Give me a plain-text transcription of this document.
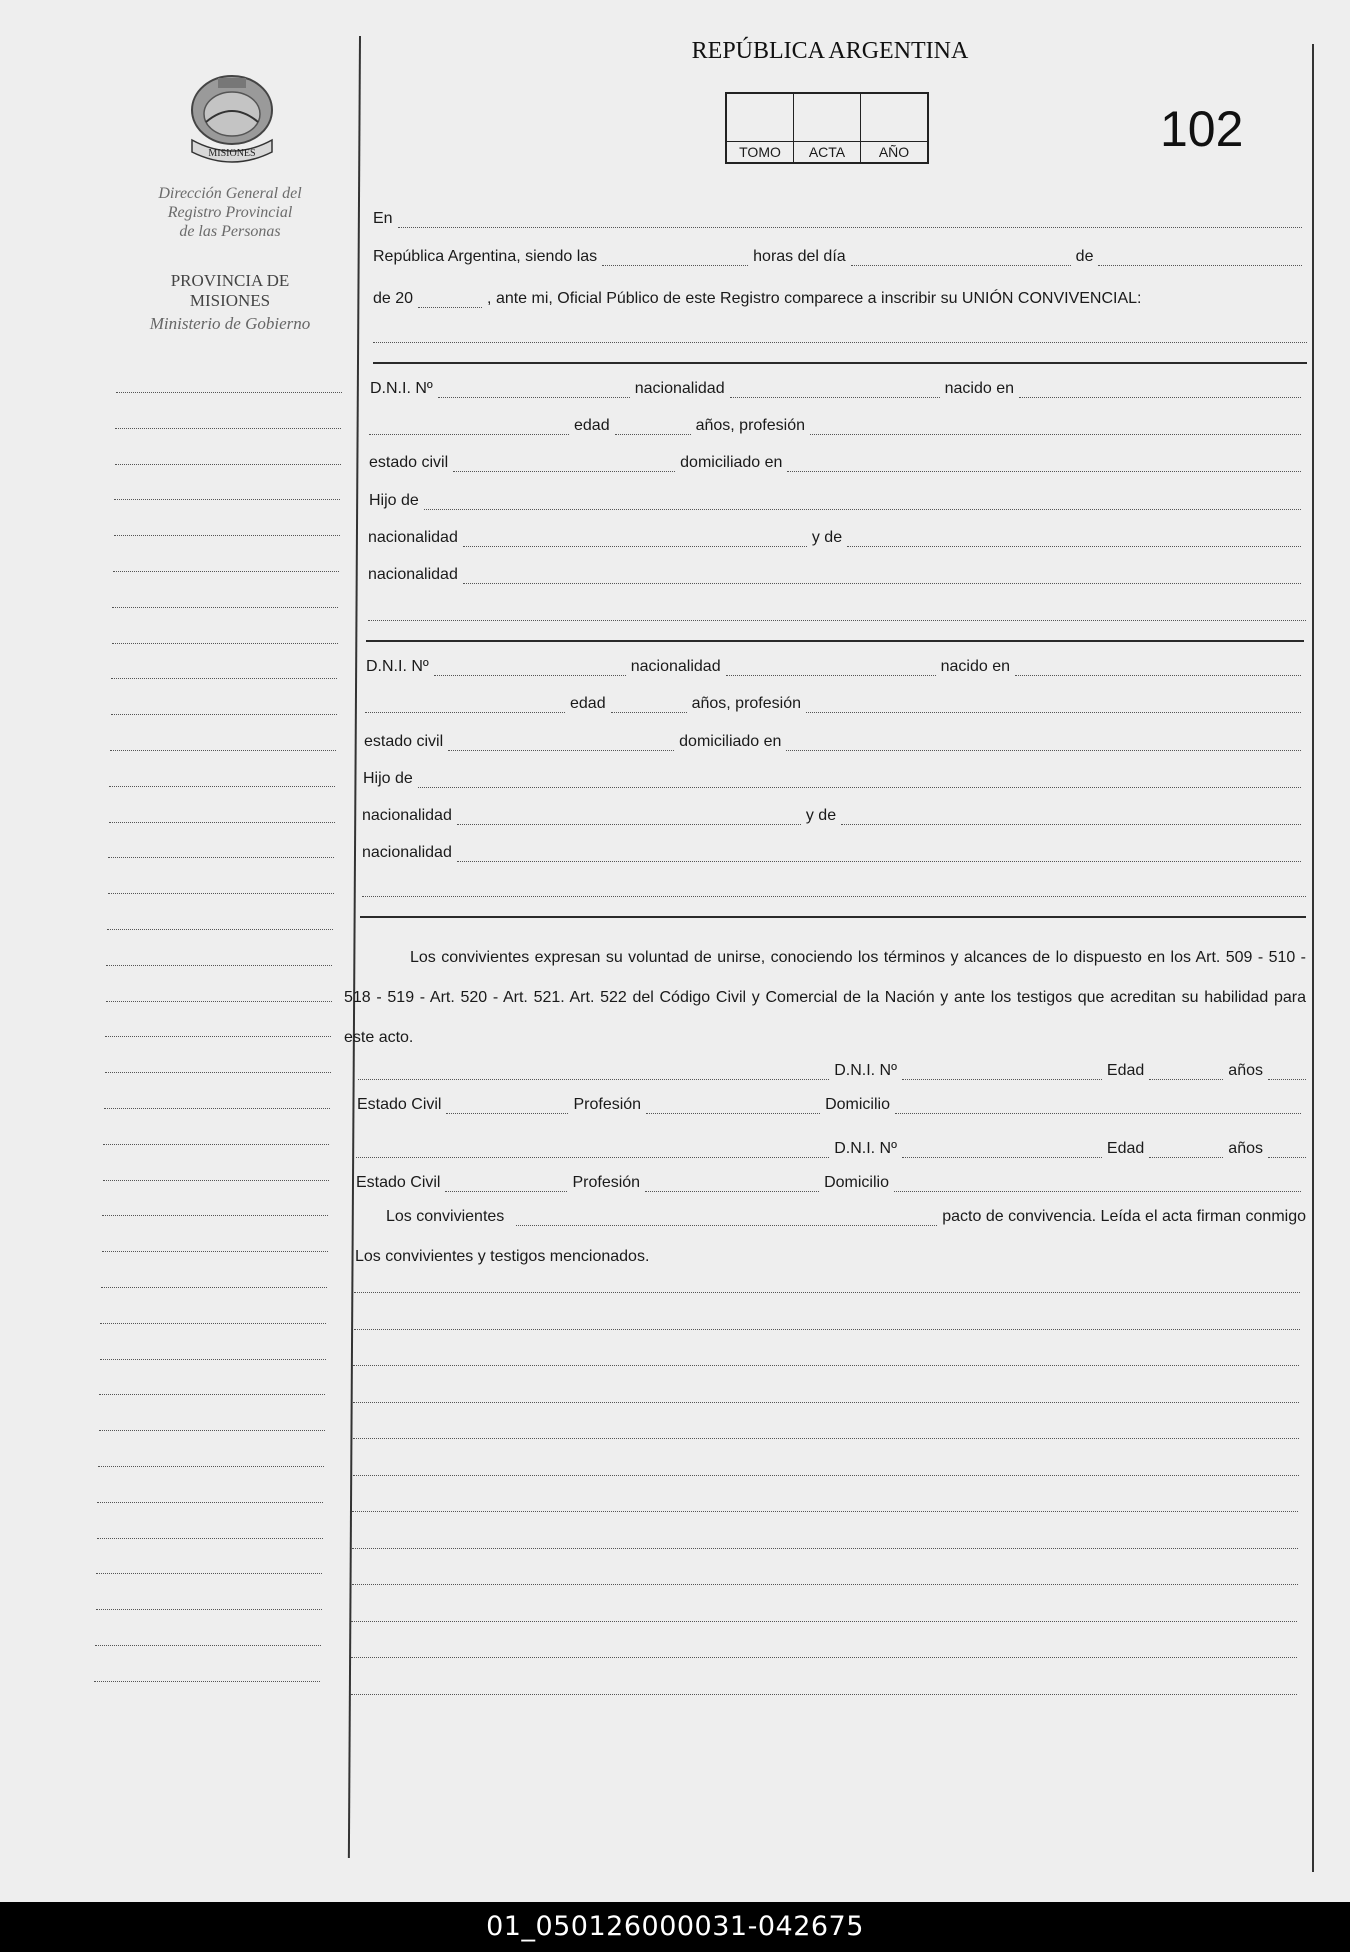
MISIONES
Dirección General del
Registro Provincial
de las Personas
PROVINCIA DE
MISIONES
Ministerio de Gobierno
REPÚBLICA ARGENTINA
TOMO	ACTA	AÑO	102
En
República Argentina, siendo las	horas del día	de
de 20	, ante mi, Oficial Público de este Registro comparece a inscribir su UNIÓN CONVIVENCIAL:
D.N.I. Nº	nacionalidad	nacido en
edad	años, profesión
estado civil	domiciliado en
Hijo de
nacionalidad	y de
nacionalidad
D.N.I. Nº	nacionalidad	nacido en
edad	años, profesión
estado civil	domiciliado en
Hijo de
nacionalidad	y de
nacionalidad
Los convivientes expresan su voluntad de unirse, conociendo los términos y alcances de lo dispuesto en los Art. 509 - 510 - 518 - 519 - Art. 520 - Art. 521. Art. 522 del Código Civil y Comercial de la Nación y ante los testigos que acreditan su habilidad para este acto.
D.N.I. Nº	Edad	años
Estado Civil	Profesión	Domicilio
D.N.I. Nº	Edad	años
Estado Civil	Profesión	Domicilio
Los convivientes	pacto de convivencia. Leída el acta firman conmigo
Los convivientes y testigos mencionados.
01_050126000031-042675
